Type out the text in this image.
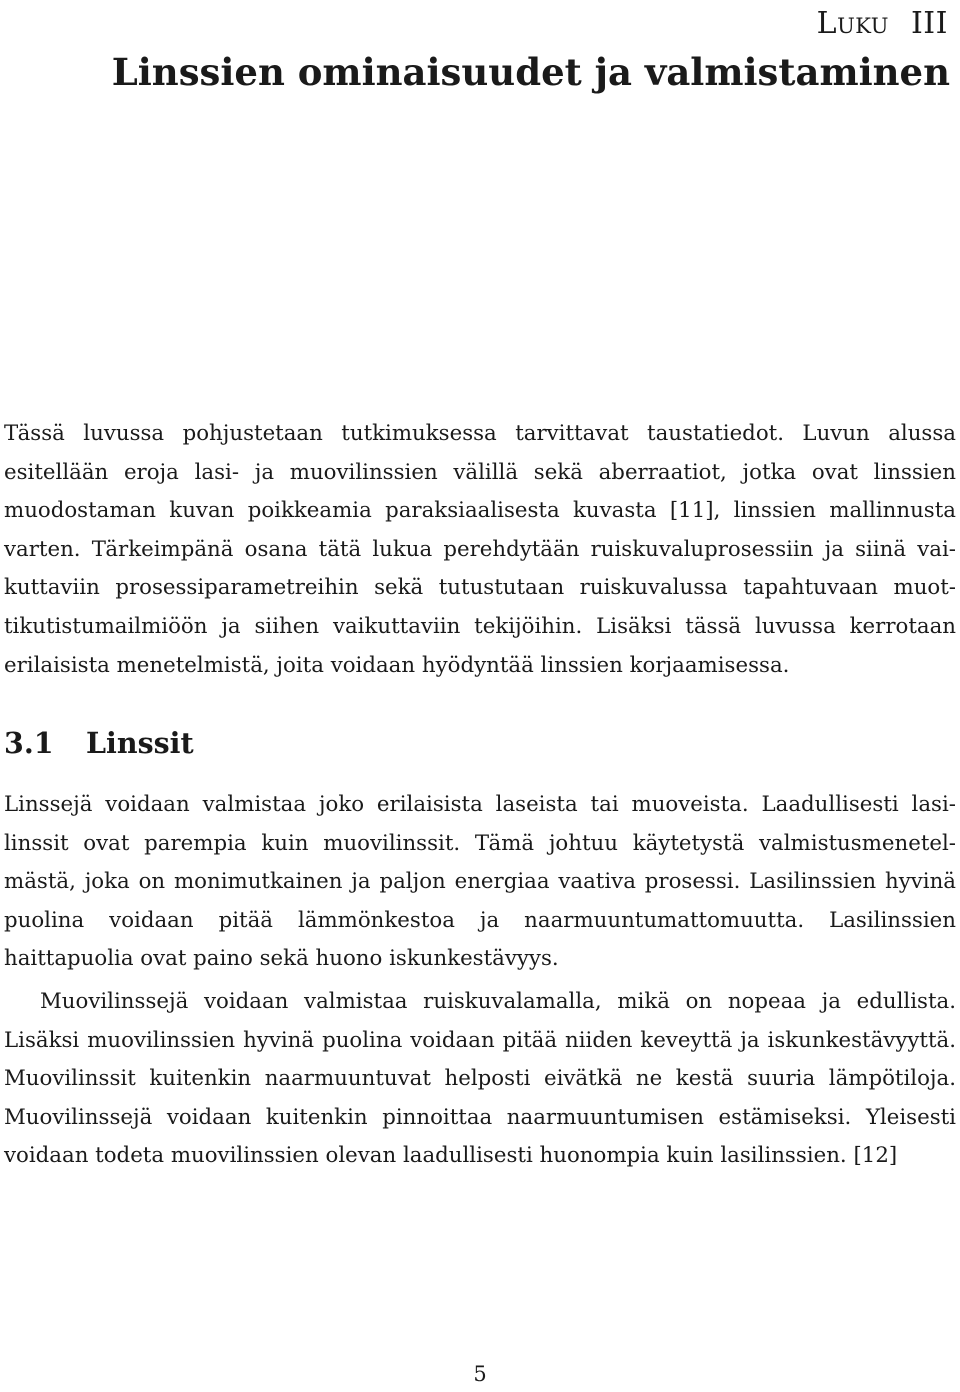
Luku III
Linssien ominaisuudet ja valmistaminen

Tässä luvussa pohjustetaan tutkimuksessa tarvittavat taustatiedot. Luvun alussa esitellään eroja lasi- ja muovilinssien välillä sekä aberraatiot, jotka ovat linssien muodostaman kuvan poikkeamia paraksiaalisesta kuvasta [11], linssien mallinnusta varten. Tärkeimpänä osana tätä lukua perehdytään ruiskuvaluprosessiin ja siinä vaikuttaviin prosessiparametreihin sekä tutustutaan ruiskuvalussa tapahtuvaan muottikutistumailmiöön ja siihen vaikuttaviin tekijöihin. Lisäksi tässä luvussa kerrotaan erilaisista menetelmistä, joita voidaan hyödyntää linssien korjaamisessa.

3.1 Linssit

Linssejä voidaan valmistaa joko erilaisista laseista tai muoveista. Laadullisesti lasilinssit ovat parempia kuin muovilinssit. Tämä johtuu käytetystä valmistusmenetelmästä, joka on monimutkainen ja paljon energiaa vaativa prosessi. Lasilinssien hyvinä puolina voidaan pitää lämmönkestoa ja naarmuuntumattomuutta. Lasilinssien haittapuolia ovat paino sekä huono iskunkestävyys.

Muovilinssejä voidaan valmistaa ruiskuvalamalla, mikä on nopeaa ja edullista. Lisäksi muovilinssien hyvinä puolina voidaan pitää niiden keveyttä ja iskunkestävyyttä. Muovilinssit kuitenkin naarmuuntuvat helposti eivätkä ne kestä suuria lämpötiloja. Muovilinssejä voidaan kuitenkin pinnoittaa naarmuuntumisen estämiseksi. Yleisesti voidaan todeta muovilinssien olevan laadullisesti huonompia kuin lasilinssien. [12]

5
